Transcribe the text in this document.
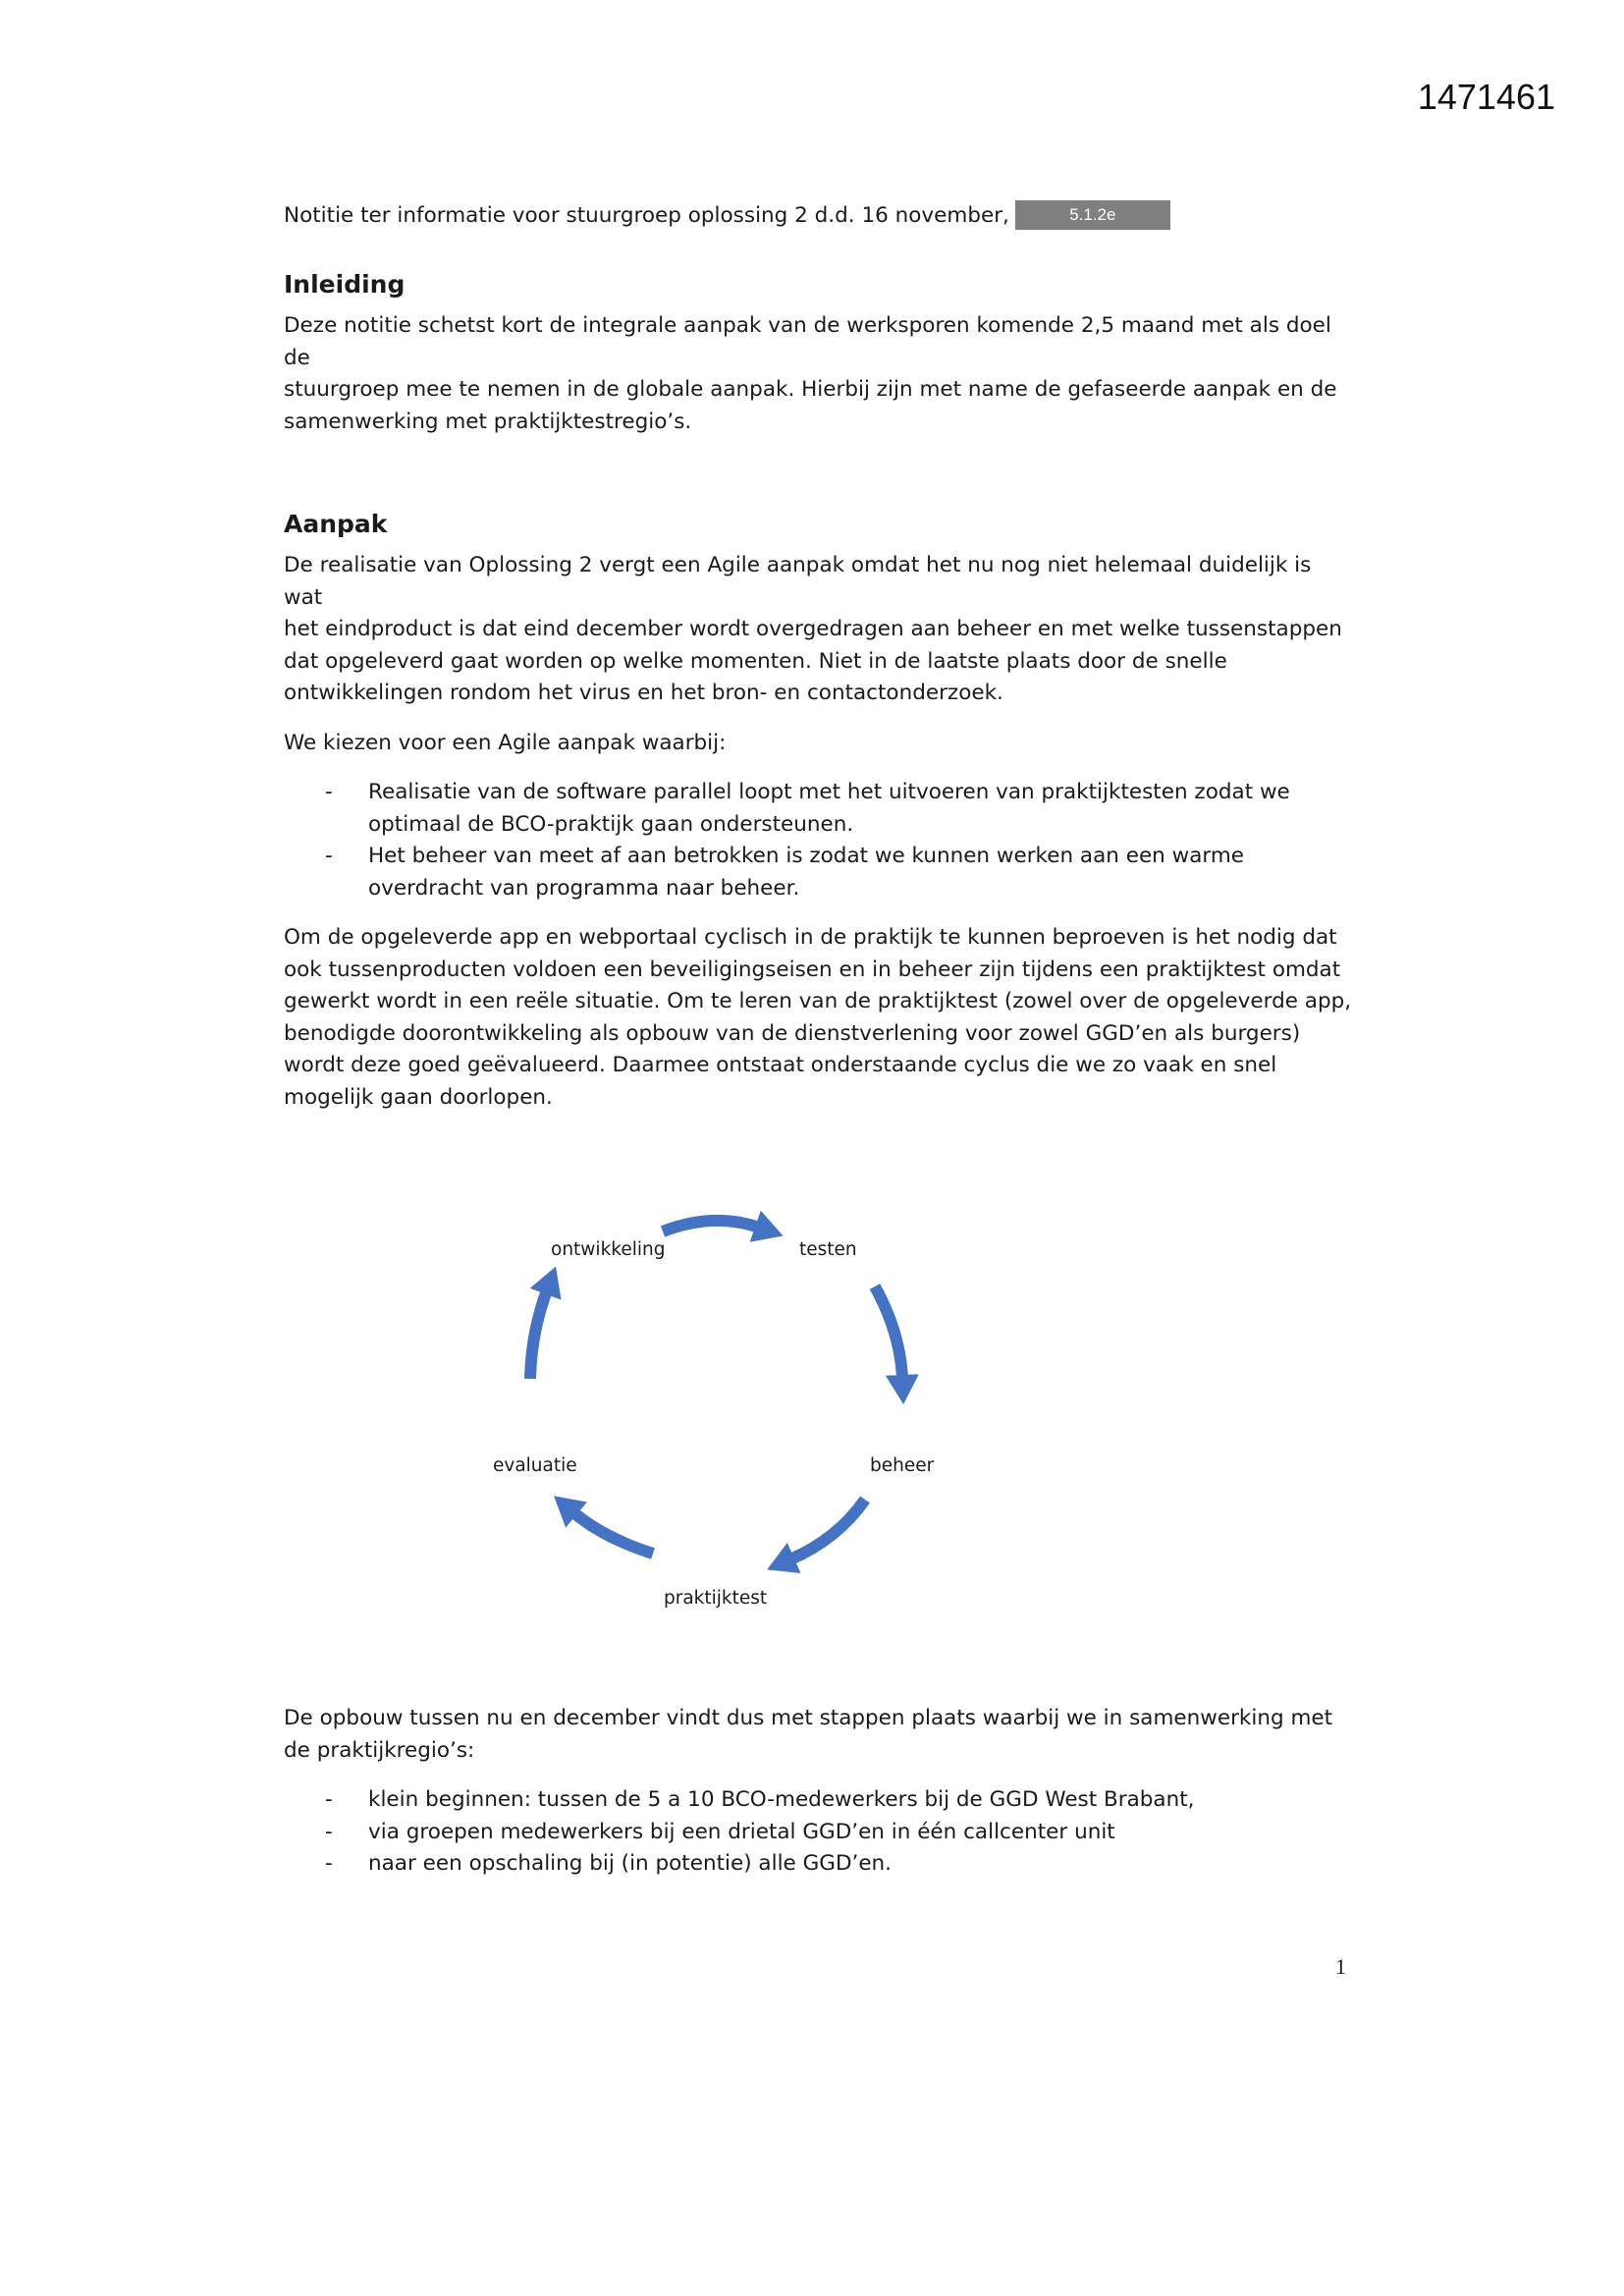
1471461
Notitie ter informatie voor stuurgroep oplossing 2 d.d. 16 november,	5.1.2e
Inleiding

Deze notitie schetst kort de integrale aanpak van de werksporen komende 2,5 maand met als doel de

stuurgroep mee te nemen in de globale aanpak. Hierbij zijn met name de gefaseerde aanpak en de

samenwerking met praktijktestregio’s.

Aanpak

De realisatie van Oplossing 2 vergt een Agile aanpak omdat het nu nog niet helemaal duidelijk is wat

het eindproduct is dat eind december wordt overgedragen aan beheer en met welke tussenstappen

dat opgeleverd gaat worden op welke momenten. Niet in de laatste plaats door de snelle

ontwikkelingen rondom het virus en het bron- en contactonderzoek.

We kiezen voor een Agile aanpak waarbij:

- Realisatie van de software parallel loopt met het uitvoeren van praktijktesten zodat we
optimaal de BCO-praktijk gaan ondersteunen.
- Het beheer van meet af aan betrokken is zodat we kunnen werken aan een warme
overdracht van programma naar beheer.

Om de opgeleverde app en webportaal cyclisch in de praktijk te kunnen beproeven is het nodig dat

ook tussenproducten voldoen een beveiligingseisen en in beheer zijn tijdens een praktijktest omdat

gewerkt wordt in een reële situatie. Om te leren van de praktijktest (zowel over de opgeleverde app,

benodigde doorontwikkeling als opbouw van de dienstverlening voor zowel GGD’en als burgers)

wordt deze goed geëvalueerd. Daarmee ontstaat onderstaande cyclus die we zo vaak en snel

mogelijk gaan doorlopen.

ontwikkeling	testen
beheer
praktijktest
evaluatie

De opbouw tussen nu en december vindt dus met stappen plaats waarbij we in samenwerking met

de praktijkregio’s:

- klein beginnen: tussen de 5 a 10 BCO-medewerkers bij de GGD West Brabant,
- via groepen medewerkers bij een drietal GGD’en in één callcenter unit
- naar een opschaling bij (in potentie) alle GGD’en.
1
